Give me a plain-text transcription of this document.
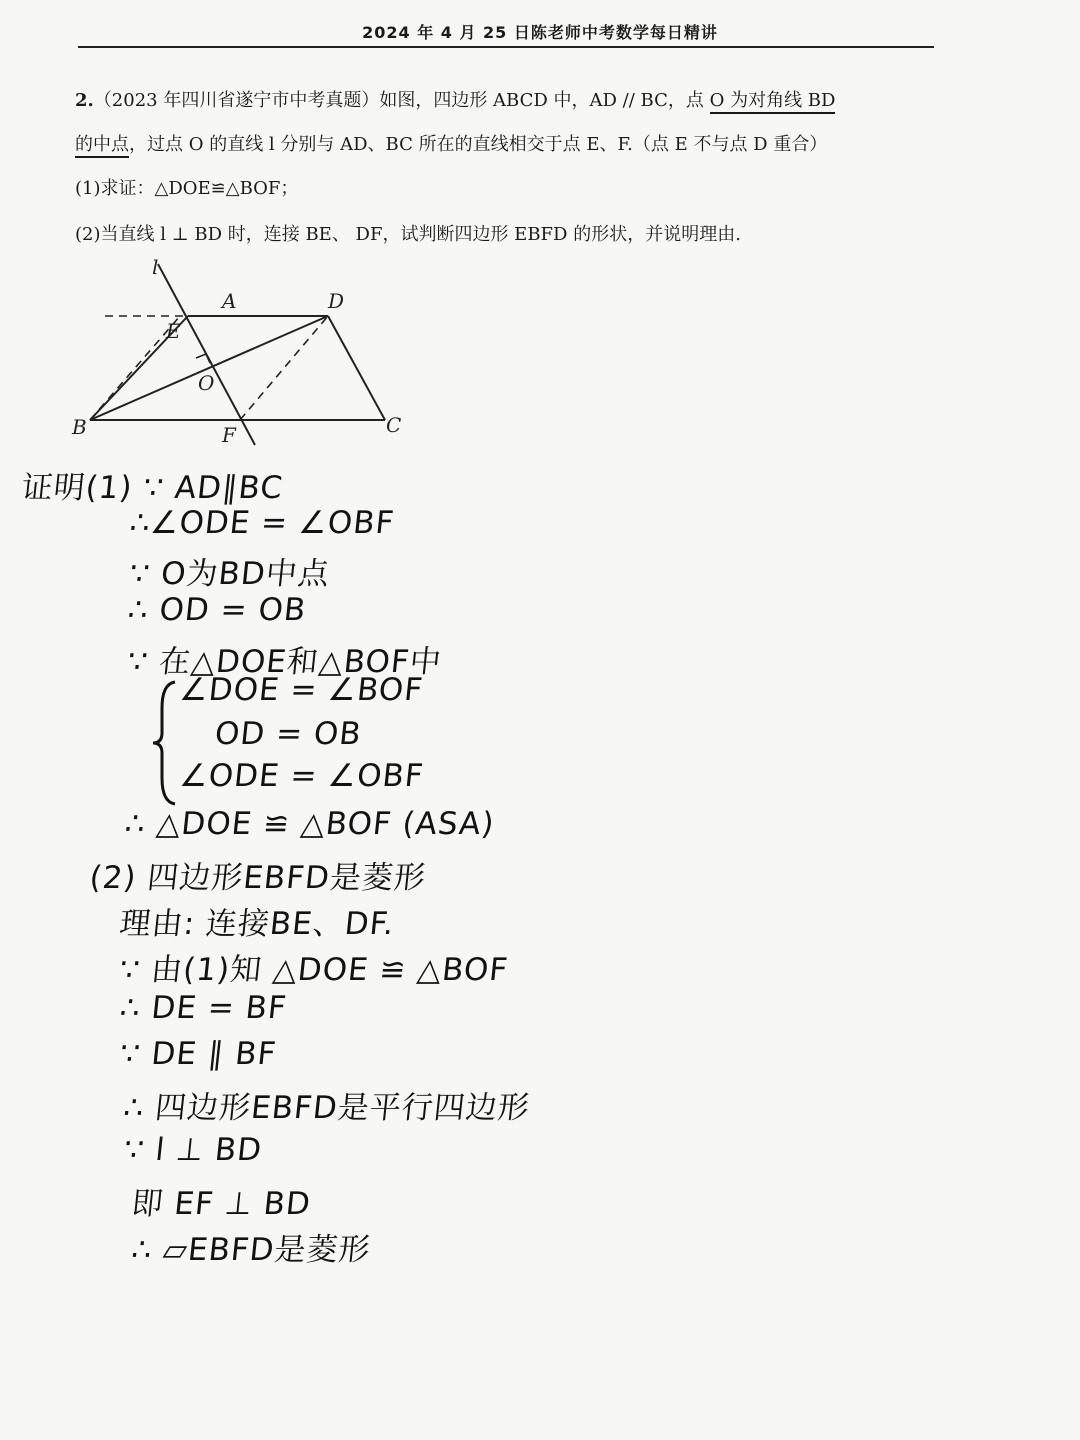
2024 年 4 月 25 日陈老师中考数学每日精讲
2.（2023 年四川省遂宁市中考真题）如图，四边形 ABCD 中，AD // BC，点 O 为对角线 BD
的中点，过点 O 的直线 l 分别与 AD、BC 所在的直线相交于点 E、F.（点 E 不与点 D 重合）
(1)求证：△DOE≌△BOF；
(2)当直线 l ⊥ BD 时，连接 BE、 DF，试判断四边形 EBFD 的形状，并说明理由.
l
A	D
E
O
B	F	C
证明(1) ∵ AD∥BC
∴∠ODE = ∠OBF
∵ O为BD中点
∴ OD = OB
∵ 在△DOE和△BOF中
∠DOE = ∠BOF
OD = OB
∠ODE = ∠OBF
∴ △DOE ≌ △BOF (ASA)
(2) 四边形EBFD是菱形
理由: 连接BE、DF.
∵ 由(1)知 △DOE ≌ △BOF
∴ DE = BF
∵ DE ∥ BF
∴ 四边形EBFD是平行四边形
∵ l ⊥ BD
即 EF ⊥ BD
∴ ▱EBFD是菱形
